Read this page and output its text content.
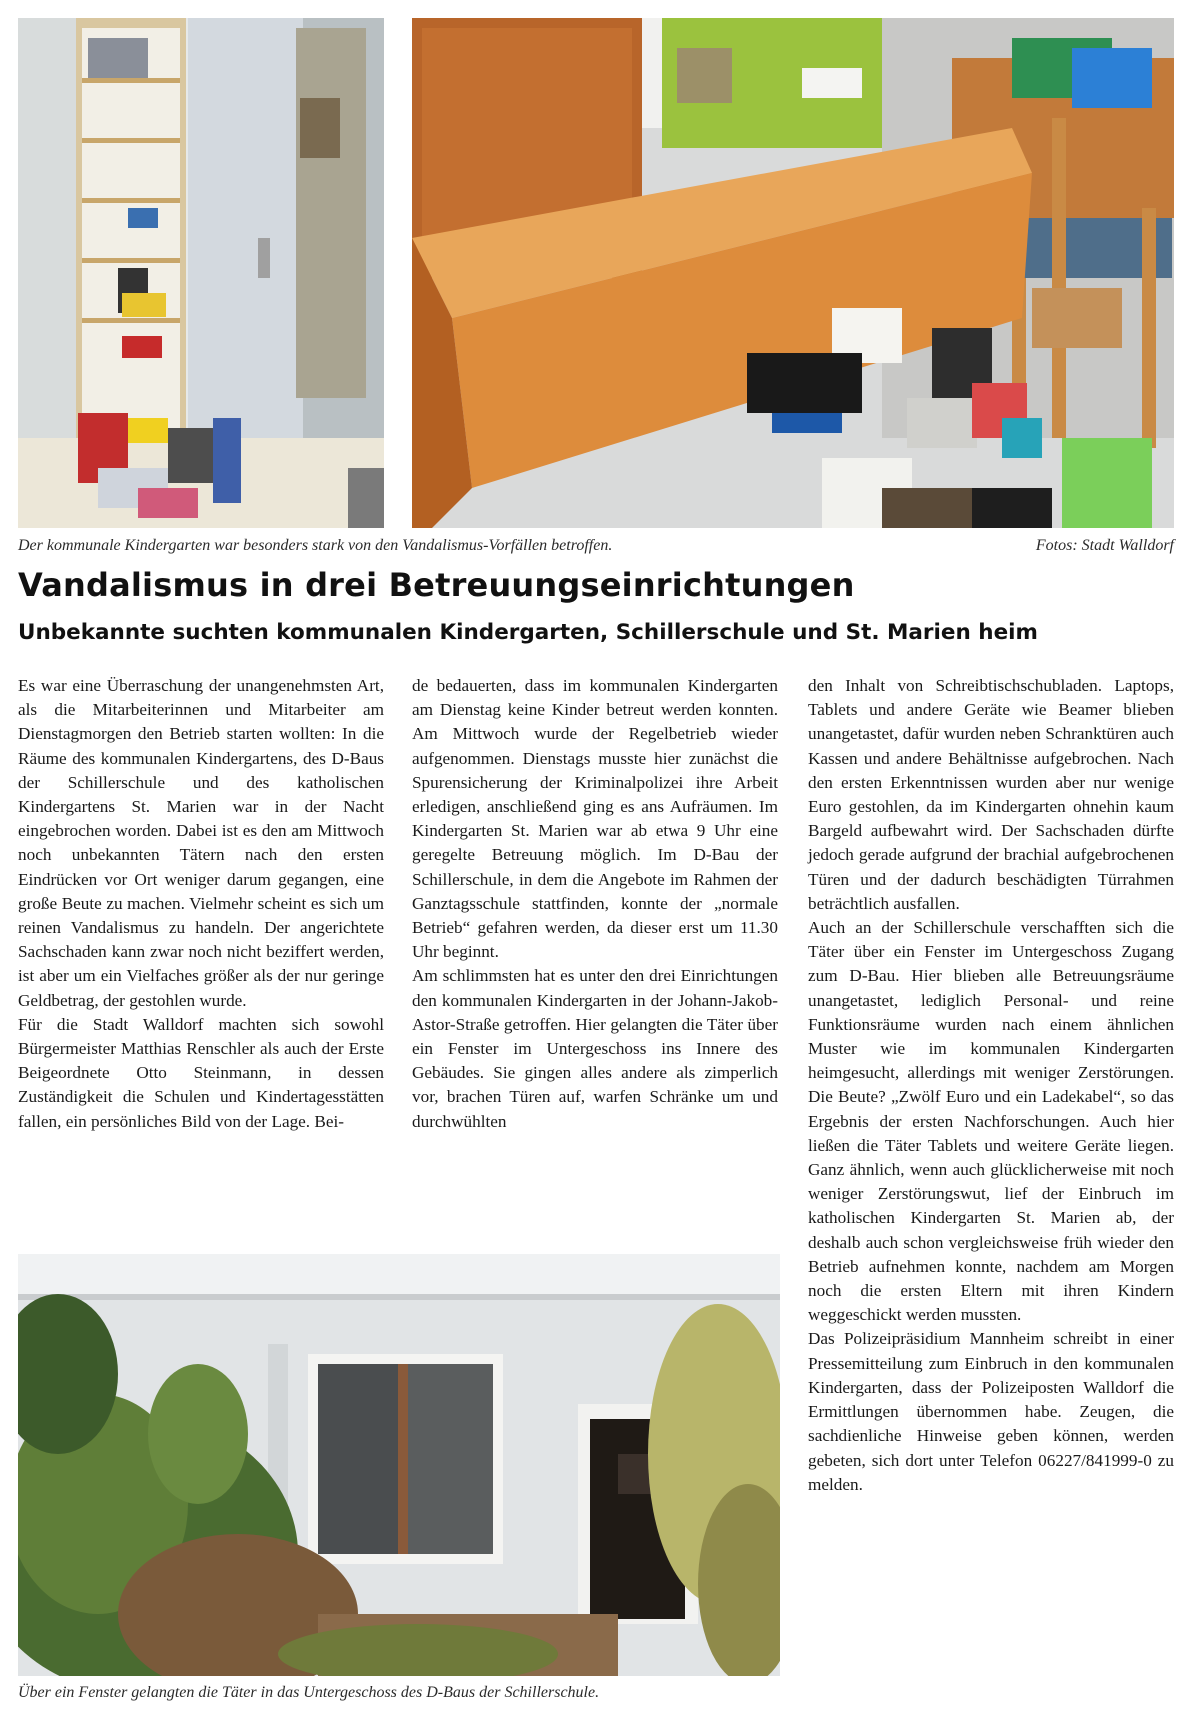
Der kommunale Kindergarten war besonders stark von den Vandalismus-Vorfällen betroffen.	Fotos: Stadt Walldorf
Vandalismus in drei Betreuungseinrichtungen
Unbekannte suchten kommunalen Kindergarten, Schillerschule und St. Marien heim

Es war eine Überraschung der unangenehmsten Art, als die Mitarbeiterinnen und Mitarbeiter am Dienstagmorgen den Betrieb starten wollten: In die Räume des kommunalen Kindergartens, des D-Baus der Schillerschule und des katholischen Kindergartens St. Marien war in der Nacht eingebrochen worden. Dabei ist es den am Mittwoch noch unbekannten Tätern nach den ersten Eindrücken vor Ort weniger darum gegangen, eine große Beute zu machen. Vielmehr scheint es sich um reinen Vandalismus zu handeln. Der angerichtete Sachschaden kann zwar noch nicht beziffert werden, ist aber um ein Vielfaches größer als der nur geringe Geldbetrag, der gestohlen wurde.

Für die Stadt Walldorf machten sich sowohl Bürgermeister Matthias Renschler als auch der Erste Beigeordnete Otto Steinmann, in dessen Zuständigkeit die Schulen und Kindertagesstätten fallen, ein persönliches Bild von der Lage. Bei-

de bedauerten, dass im kommunalen Kindergarten am Dienstag keine Kinder betreut werden konnten. Am Mittwoch wurde der Regelbetrieb wieder aufgenommen. Dienstags musste hier zunächst die Spurensicherung der Kriminalpolizei ihre Arbeit erledigen, anschließend ging es ans Aufräumen. Im Kindergarten St. Marien war ab etwa 9 Uhr eine geregelte Betreuung möglich. Im D-Bau der Schillerschule, in dem die Angebote im Rahmen der Ganztagsschule stattfinden, konnte der „normale Betrieb“ gefahren werden, da dieser erst um 11.30 Uhr beginnt.

Am schlimmsten hat es unter den drei Einrichtungen den kommunalen Kindergarten in der Johann-Jakob-Astor-Straße getroffen. Hier gelangten die Täter über ein Fenster im Untergeschoss ins Innere des Gebäudes. Sie gingen alles andere als zimperlich vor, brachen Türen auf, warfen Schränke um und durchwühlten

den Inhalt von Schreibtischschubladen. Laptops, Tablets und andere Geräte wie Beamer blieben unangetastet, dafür wurden neben Schranktüren auch Kassen und andere Behältnisse aufgebrochen. Nach den ersten Erkenntnissen wurden aber nur wenige Euro gestohlen, da im Kindergarten ohnehin kaum Bargeld aufbewahrt wird. Der Sachschaden dürfte jedoch gerade aufgrund der brachial aufgebrochenen Türen und der dadurch beschädigten Türrahmen beträchtlich ausfallen.

Auch an der Schillerschule verschafften sich die Täter über ein Fenster im Untergeschoss Zugang zum D-Bau. Hier blieben alle Betreuungsräume unangetastet, lediglich Personal- und reine Funktionsräume wurden nach einem ähnlichen Muster wie im kommunalen Kindergarten heimgesucht, allerdings mit weniger Zerstörungen. Die Beute? „Zwölf Euro und ein Ladekabel“, so das Ergebnis der ersten Nachforschungen. Auch hier ließen die Täter Tablets und weitere Geräte liegen. Ganz ähnlich, wenn auch glücklicherweise mit noch weniger Zerstörungswut, lief der Einbruch im katholischen Kindergarten St. Marien ab, der deshalb auch schon vergleichsweise früh wieder den Betrieb aufnehmen konnte, nachdem am Morgen noch die ersten Eltern mit ihren Kindern weggeschickt werden mussten.

Das Polizeipräsidium Mannheim schreibt in einer Pressemitteilung zum Einbruch in den kommunalen Kindergarten, dass der Polizeiposten Walldorf die Ermittlungen übernommen habe. Zeugen, die sachdienliche Hinweise geben können, werden gebeten, sich dort unter Telefon 06227/841999-0 zu melden.

Über ein Fenster gelangten die Täter in das Untergeschoss des D-Baus der Schillerschule.
